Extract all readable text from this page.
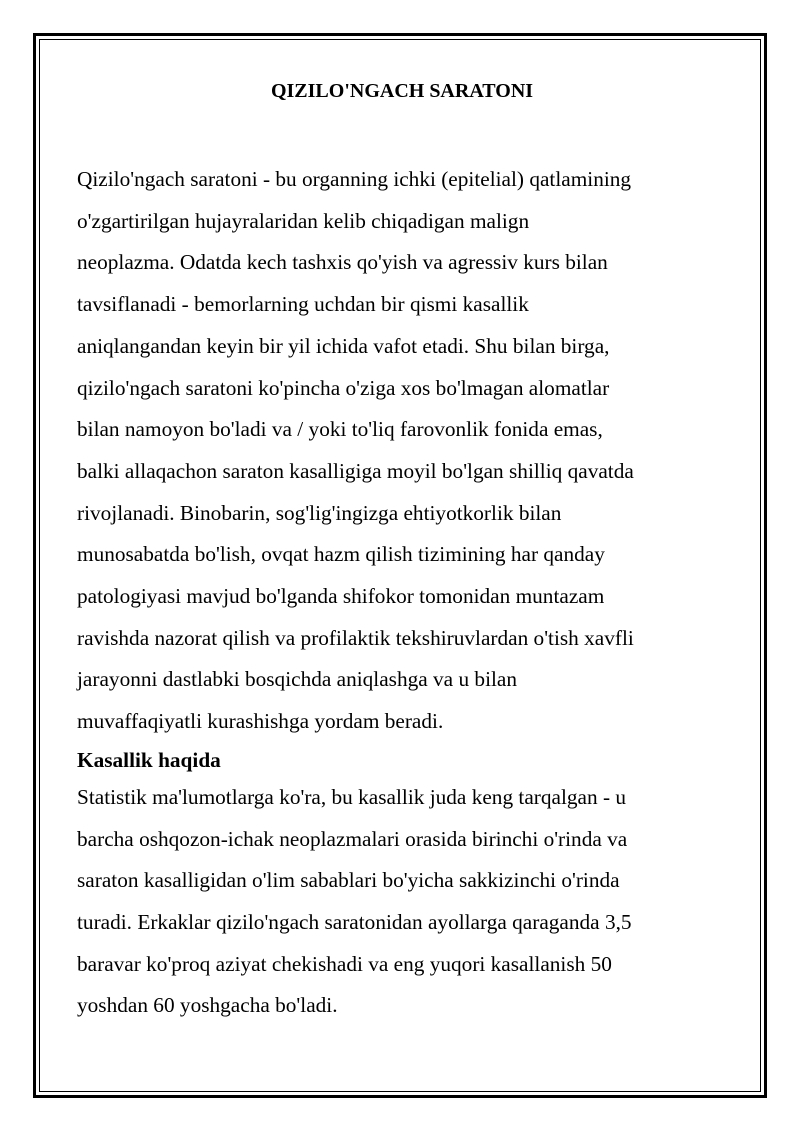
QIZILO'NGACH SARATONI
Qizilo'ngach saratoni - bu organning ichki (epitelial) qatlamining
o'zgartirilgan hujayralaridan kelib chiqadigan malign
neoplazma. Odatda kech tashxis qo'yish va agressiv kurs bilan
tavsiflanadi - bemorlarning uchdan bir qismi kasallik
aniqlangandan keyin bir yil ichida vafot etadi. Shu bilan birga,
qizilo'ngach saratoni ko'pincha o'ziga xos bo'lmagan alomatlar
bilan namoyon bo'ladi va / yoki to'liq farovonlik fonida emas,
balki allaqachon saraton kasalligiga moyil bo'lgan shilliq qavatda
rivojlanadi. Binobarin, sog'lig'ingizga ehtiyotkorlik bilan
munosabatda bo'lish, ovqat hazm qilish tizimining har qanday
patologiyasi mavjud bo'lganda shifokor tomonidan muntazam
ravishda nazorat qilish va profilaktik tekshiruvlardan o'tish xavfli
jarayonni dastlabki bosqichda aniqlashga va u bilan
muvaffaqiyatli kurashishga yordam beradi.
Kasallik haqida
Statistik ma'lumotlarga ko'ra, bu kasallik juda keng tarqalgan - u
barcha oshqozon-ichak neoplazmalari orasida birinchi o'rinda va
saraton kasalligidan o'lim sabablari bo'yicha sakkizinchi o'rinda
turadi. Erkaklar qizilo'ngach saratonidan ayollarga qaraganda 3,5
baravar ko'proq aziyat chekishadi va eng yuqori kasallanish 50
yoshdan 60 yoshgacha bo'ladi.
